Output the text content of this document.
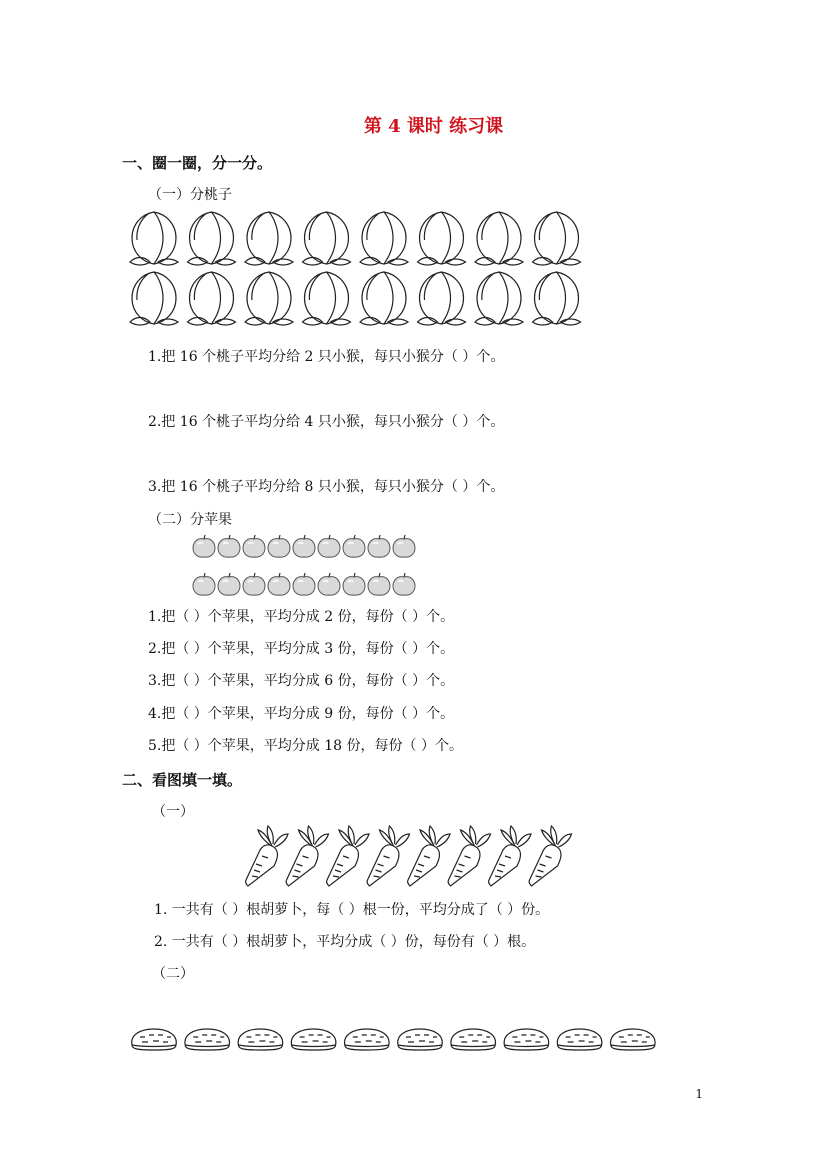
第 4 课时 练习课
一、圈一圈，分一分。
（一）分桃子
1.把 16 个桃子平均分给 2 只小猴，每只小猴分（ ）个。
2.把 16 个桃子平均分给 4 只小猴，每只小猴分（ ）个。
3.把 16 个桃子平均分给 8 只小猴，每只小猴分（ ）个。
（二）分苹果
1.把（ ）个苹果，平均分成 2 份，每份（ ）个。
2.把（ ）个苹果，平均分成 3 份，每份（ ）个。
3.把（ ）个苹果，平均分成 6 份，每份（ ）个。
4.把（ ）个苹果，平均分成 9 份，每份（ ）个。
5.把（ ）个苹果，平均分成 18 份，每份（ ）个。
二、看图填一填。
（一）
1. 一共有（ ）根胡萝卜，每（ ）根一份，平均分成了（ ）份。
2. 一共有（ ）根胡萝卜，平均分成（ ）份，每份有（ ）根。
（二）
1
